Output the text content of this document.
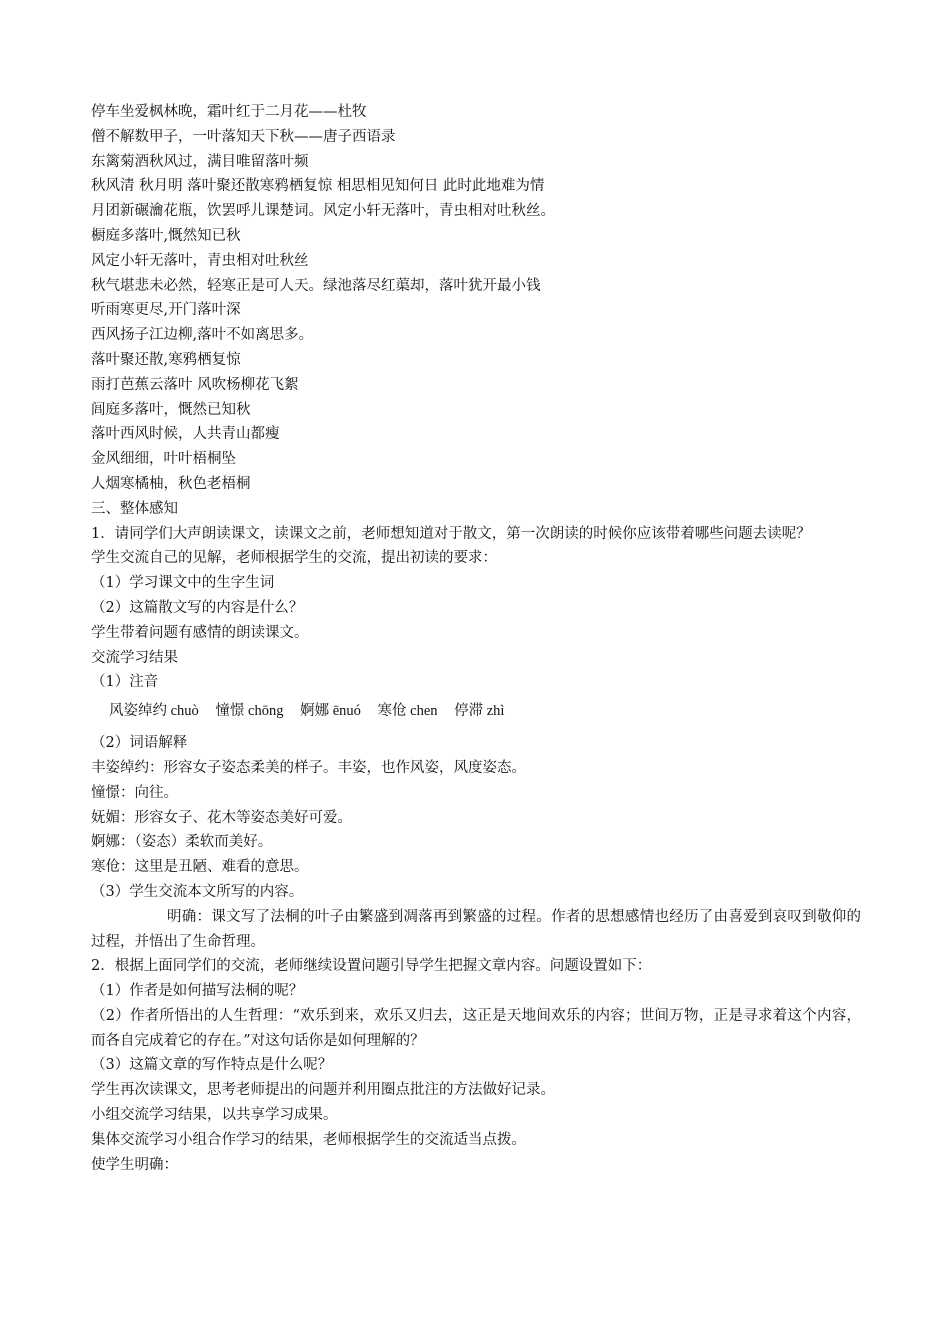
停车坐爱枫林晚，霜叶红于二月花——杜牧
僧不解数甲子，一叶落知天下秋——唐子西语录
东篱菊酒秋风过，满目唯留落叶频
秋风清 秋月明 落叶聚还散寒鸦栖复惊 相思相见知何日 此时此地难为情
月团新碾瀹花瓶，饮罢呼儿课楚词。风定小轩无落叶，青虫相对吐秋丝。
橱庭多落叶,慨然知已秋
风定小轩无落叶，青虫相对吐秋丝
秋气堪悲未必然，轻寒正是可人天。绿池落尽红蕖却，落叶犹开最小钱
听雨寒更尽,开门落叶深
西风扬子江边柳,落叶不如离思多。
落叶聚还散,寒鸦栖复惊
雨打芭蕉云落叶 风吹杨柳花飞絮
闾庭多落叶，慨然已知秋
落叶西风时候，人共青山都瘦
金风细细，叶叶梧桐坠
人烟寒橘柚，秋色老梧桐
三、整体感知
1．请同学们大声朗读课文，读课文之前，老师想知道对于散文，第一次朗读的时候你应该带着哪些问题去读呢？
学生交流自己的见解，老师根据学生的交流，提出初读的要求：
（1）学习课文中的生字生词
（2）这篇散文写的内容是什么？
学生带着问题有感情的朗读课文。
交流学习结果
（1）注音
风姿绰约 chuò 憧憬 chōng 婀娜 ēnuó 寒伧 chen 停滞 zhì
（2）词语解释
丰姿绰约：形容女子姿态柔美的样子。丰姿，也作风姿，风度姿态。
憧憬：向往。
妩媚：形容女子、花木等姿态美好可爱。
婀娜：（姿态）柔软而美好。
寒伧：这里是丑陋、难看的意思。
（3）学生交流本文所写的内容。
明确：课文写了法桐的叶子由繁盛到凋落再到繁盛的过程。作者的思想感情也经历了由喜爱到哀叹到敬仰的过程，并悟出了生命哲理。
2．根据上面同学们的交流，老师继续设置问题引导学生把握文章内容。问题设置如下：
（1）作者是如何描写法桐的呢？
（2）作者所悟出的人生哲理：“欢乐到来，欢乐又归去，这正是天地间欢乐的内容；世间万物，正是寻求着这个内容，而各自完成着它的存在。”对这句话你是如何理解的？
（3）这篇文章的写作特点是什么呢？
学生再次读课文，思考老师提出的问题并利用圈点批注的方法做好记录。
小组交流学习结果，以共享学习成果。
集体交流学习小组合作学习的结果，老师根据学生的交流适当点拨。
使学生明确：
